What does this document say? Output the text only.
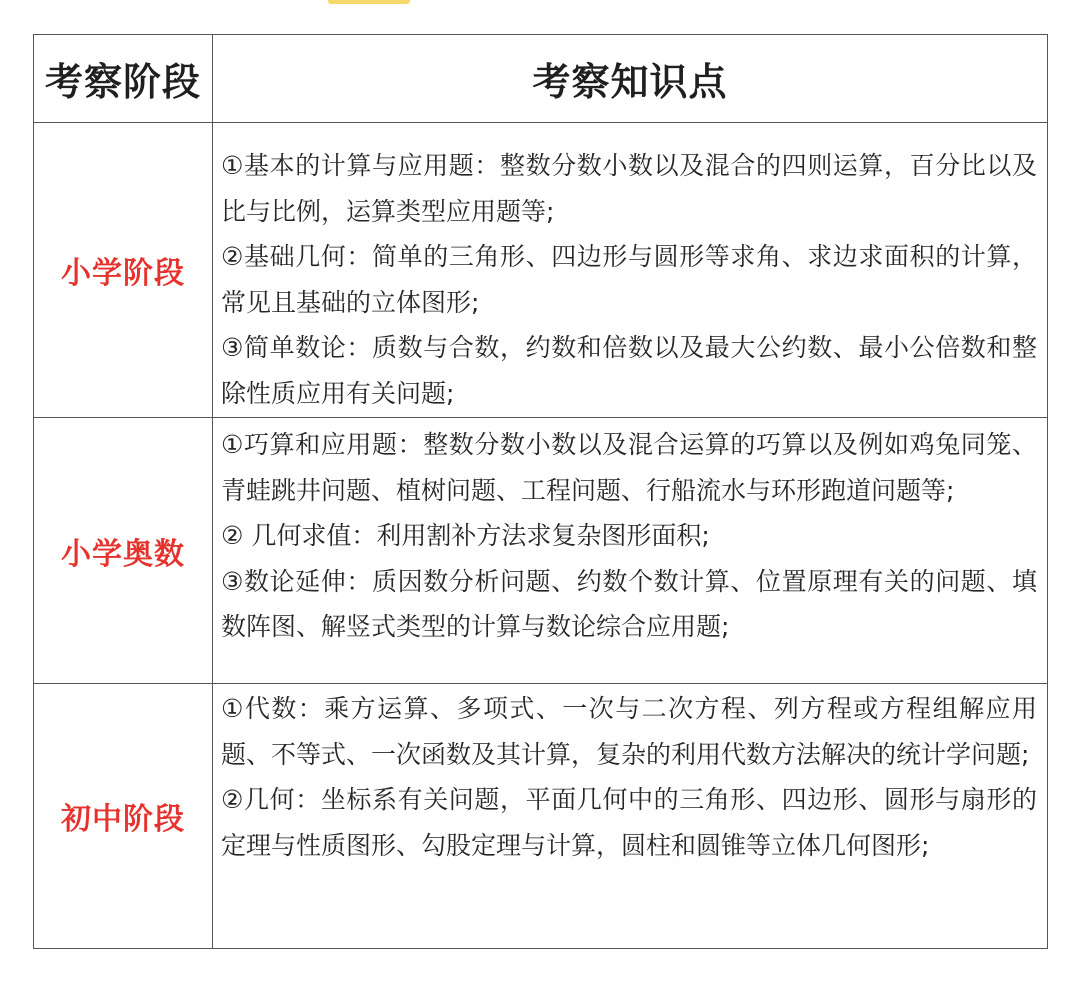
考察阶段	考察知识点
小学阶段	①基本的计算与应用题：整数分数小数以及混合的四则运算，百分比以及比与比例，运算类型应用题等;
②基础几何：简单的三角形、四边形与圆形等求角、求边求面积的计算，常见且基础的立体图形;
③简单数论：质数与合数，约数和倍数以及最大公约数、最小公倍数和整除性质应用有关问题;

小学奥数	①巧算和应用题：整数分数小数以及混合运算的巧算以及例如鸡兔同笼、青蛙跳井问题、植树问题、工程问题、行船流水与环形跑道问题等;
② 几何求值：利用割补方法求复杂图形面积;
③数论延伸：质因数分析问题、约数个数计算、位置原理有关的问题、填数阵图、解竖式类型的计算与数论综合应用题;

初中阶段	①代数：乘方运算、多项式、一次与二次方程、列方程或方程组解应用题、不等式、一次函数及其计算，复杂的利用代数方法解决的统计学问题;
②几何：坐标系有关问题，平面几何中的三角形、四边形、圆形与扇形的定理与性质图形、勾股定理与计算，圆柱和圆锥等立体几何图形;
